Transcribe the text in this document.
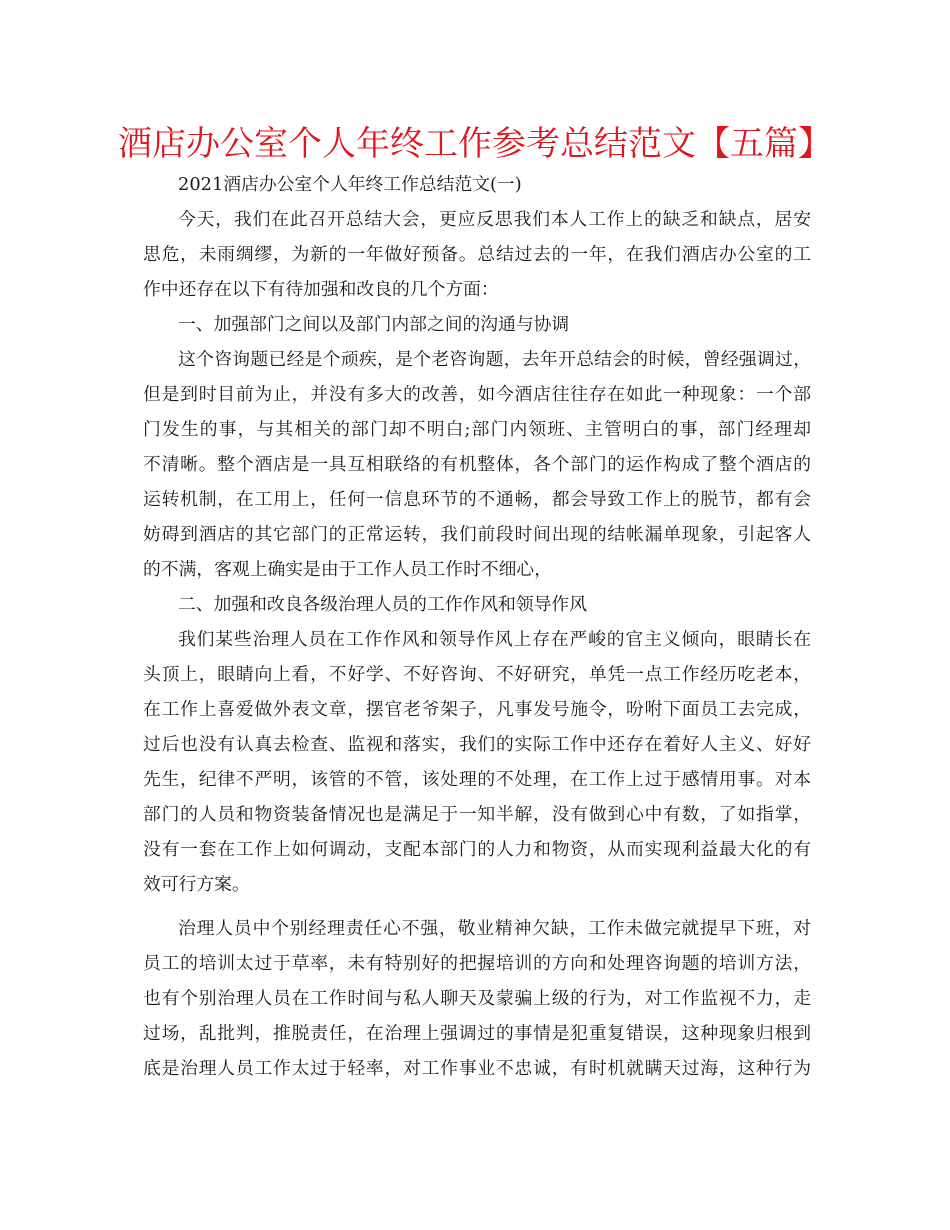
酒店办公室个人年终工作参考总结范文【五篇】
2021酒店办公室个人年终工作总结范文(一)
今天，我们在此召开总结大会，更应反思我们本人工作上的缺乏和缺点，居安
思危，未雨绸缪，为新的一年做好预备。总结过去的一年，在我们酒店办公室的工
作中还存在以下有待加强和改良的几个方面：
一、加强部门之间以及部门内部之间的沟通与协调
这个咨询题已经是个顽疾，是个老咨询题，去年开总结会的时候，曾经强调过，
但是到时目前为止，并没有多大的改善，如今酒店往往存在如此一种现象：一个部
门发生的事，与其相关的部门却不明白;部门内领班、主管明白的事，部门经理却
不清晰。整个酒店是一具互相联络的有机整体，各个部门的运作构成了整个酒店的
运转机制，在工用上，任何一信息环节的不通畅，都会导致工作上的脱节，都有会
妨碍到酒店的其它部门的正常运转，我们前段时间出现的结帐漏单现象，引起客人
的不满，客观上确实是由于工作人员工作时不细心，
二、加强和改良各级治理人员的工作作风和领导作风
我们某些治理人员在工作作风和领导作风上存在严峻的官主义倾向，眼睛长在
头顶上，眼睛向上看，不好学、不好咨询、不好研究，单凭一点工作经历吃老本，
在工作上喜爱做外表文章，摆官老爷架子，凡事发号施令，吩咐下面员工去完成，
过后也没有认真去检查、监视和落实，我们的实际工作中还存在着好人主义、好好
先生，纪律不严明，该管的不管，该处理的不处理，在工作上过于感情用事。对本
部门的人员和物资装备情况也是满足于一知半解，没有做到心中有数，了如指掌，
没有一套在工作上如何调动，支配本部门的人力和物资，从而实现利益最大化的有
效可行方案。
治理人员中个别经理责任心不强，敬业精神欠缺，工作未做完就提早下班，对
员工的培训太过于草率，未有特别好的把握培训的方向和处理咨询题的培训方法，
也有个别治理人员在工作时间与私人聊天及蒙骗上级的行为，对工作监视不力，走
过场，乱批判，推脱责任，在治理上强调过的事情是犯重复错误，这种现象归根到
底是治理人员工作太过于轻率，对工作事业不忠诚，有时机就瞒天过海，这种行为
